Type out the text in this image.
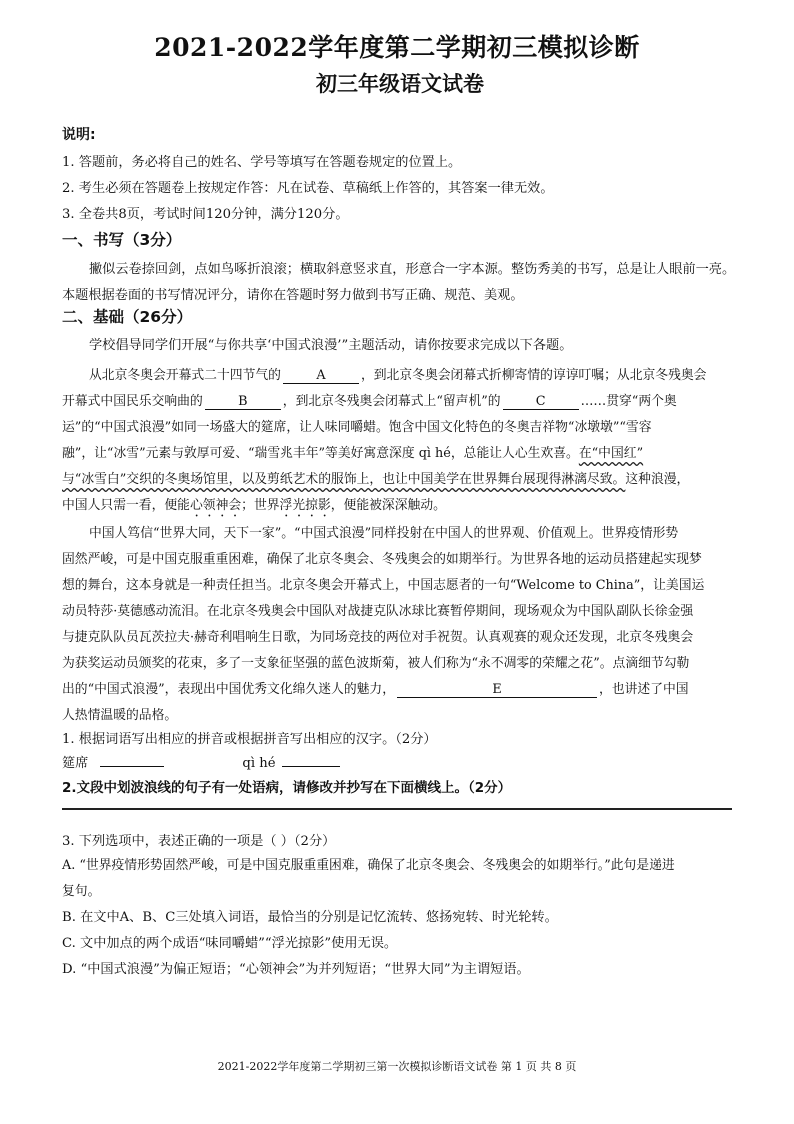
2021-2022学年度第二学期初三模拟诊断
初三年级语文试卷
说明:
1. 答题前，务必将自己的姓名、学号等填写在答题卷规定的位置上。
2. 考生必须在答题卷上按规定作答：凡在试卷、草稿纸上作答的，其答案一律无效。
3. 全卷共8页，考试时间120分钟，满分120分。
一、书写（3分）
撇似云卷捺回剑，点如鸟啄折浪滚；横取斜意竖求直，形意合一字本源。整饬秀美的书写，总是让人眼前一亮。
本题根据卷面的书写情况评分，请你在答题时努力做到书写正确、规范、美观。
二、基础（26分）
学校倡导同学们开展“与你共享‘中国式浪漫’”主题活动，请你按要求完成以下各题。
从北京冬奥会开幕式二十四节气的	A	，到北京冬奥会闭幕式折柳寄情的谆谆叮嘱；从北京冬残奥会
开幕式中国民乐交响曲的	B	，到北京冬残奥会闭幕式上“留声机”的	C	……贯穿“两个奥
运”的“中国式浪漫”如同一场盛大的筵席，让人味同嚼蜡。饱含中国文化特色的冬奥吉祥物“冰墩墩”“雪容
融”，让“冰雪”元素与敦厚可爱、“瑞雪兆丰年”等美好寓意深度 qì hé，总能让人心生欢喜。在“中国红”
与“冰雪白”交织的冬奥场馆里，以及剪纸艺术的服饰上，也让中国美学在世界舞台展现得淋漓尽致。这种浪漫，
中国人只需一看，便能心领神会；世界浮光掠影，便能被深深触动。
中国人笃信“世界大同，天下一家”。“中国式浪漫”同样投射在中国人的世界观、价值观上。世界疫情形势
固然严峻，可是中国克服重重困难，确保了北京冬奥会、冬残奥会的如期举行。为世界各地的运动员搭建起实现梦
想的舞台，这本身就是一种责任担当。北京冬奥会开幕式上，中国志愿者的一句“Welcome to China”，让美国运
动员特莎·莫德感动流泪。在北京冬残奥会中国队对战捷克队冰球比赛暂停期间，现场观众为中国队副队长徐金强
与捷克队队员瓦茨拉夫·赫奇利唱响生日歌，为同场竞技的两位对手祝贺。认真观赛的观众还发现，北京冬残奥会
为获奖运动员颁奖的花束，多了一支象征坚强的蓝色波斯菊，被人们称为“永不凋零的荣耀之花”。点滴细节勾勒
出的“中国式浪漫”，表现出中国优秀文化绵久迷人的魅力，	E	，也讲述了中国
人热情温暖的品格。
1. 根据词语写出相应的拼音或根据拼音写出相应的汉字。（2分）
筵席	qì hé
2.文段中划波浪线的句子有一处语病，请修改并抄写在下面横线上。（2分）
3. 下列选项中，表述正确的一项是（ ）（2分）
A. “世界疫情形势固然严峻，可是中国克服重重困难，确保了北京冬奥会、冬残奥会的如期举行。”此句是递进
复句。
B. 在文中A、B、C三处填入词语，最恰当的分别是记忆流转、悠扬宛转、时光轮转。
C. 文中加点的两个成语“味同嚼蜡”“浮光掠影”使用无误。
D. “中国式浪漫”为偏正短语；“心领神会”为并列短语；“世界大同”为主谓短语。
2021-2022学年度第二学期初三第一次模拟诊断语文试卷 第 1 页 共 8 页
